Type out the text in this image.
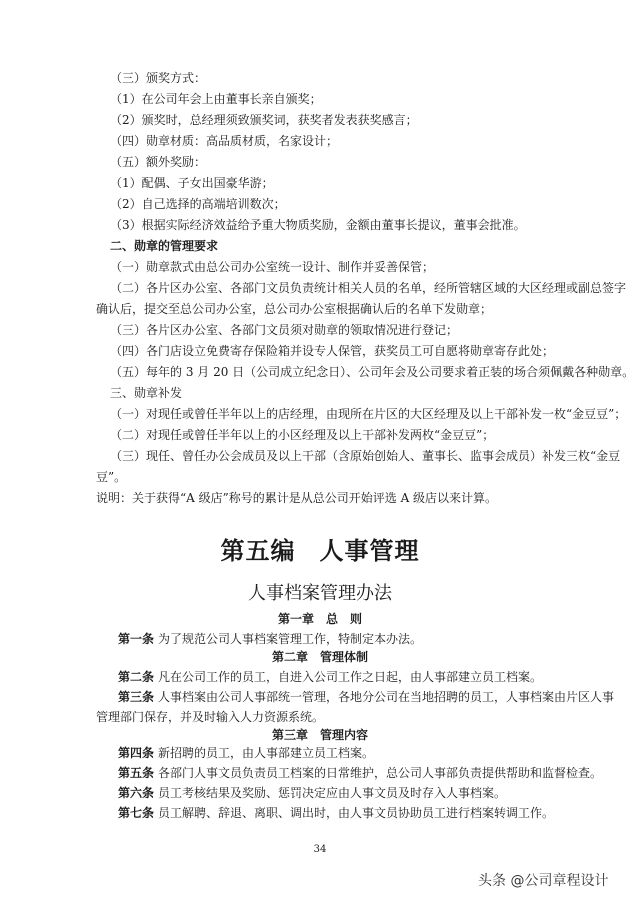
（三）颁奖方式：

（1）在公司年会上由董事长亲自颁奖；

（2）颁奖时，总经理须致颁奖词，获奖者发表获奖感言；

（四）勋章材质：高品质材质，名家设计；

（五）额外奖励：

（1）配偶、子女出国豪华游；

（2）自己选择的高端培训数次；

（3）根据实际经济效益给予重大物质奖励，金额由董事长提议，董事会批准。

二、勋章的管理要求

（一）勋章款式由总公司办公室统一设计、制作并妥善保管；

（二）各片区办公室、各部门文员负责统计相关人员的名单，经所管辖区域的大区经理或副总签字

确认后，提交至总公司办公室，总公司办公室根据确认后的名单下发勋章；

（三）各片区办公室、各部门文员须对勋章的领取情况进行登记；

（四）各门店设立免费寄存保险箱并设专人保管，获奖员工可自愿将勋章寄存此处；

（五）每年的 3 月 20 日（公司成立纪念日）、公司年会及公司要求着正装的场合须佩戴各种勋章。

三、勋章补发

（一）对现任或曾任半年以上的店经理，由现所在片区的大区经理及以上干部补发一枚“金豆豆”；

（二）对现任或曾任半年以上的小区经理及以上干部补发两枚“金豆豆”；

（三）现任、曾任办公会成员及以上干部（含原始创始人、董事长、监事会成员）补发三枚“金豆

豆”。

说明：关于获得“A 级店”称号的累计是从总公司开始评选 A 级店以来计算。

第五编 人事管理

人事档案管理办法

第一章　总　则

第一条 为了规范公司人事档案管理工作，特制定本办法。

第二章　管理体制

第二条 凡在公司工作的员工，自进入公司工作之日起，由人事部建立员工档案。

第三条 人事档案由公司人事部统一管理，各地分公司在当地招聘的员工，人事档案由片区人事

管理部门保存，并及时输入人力资源系统。

第三章　管理内容

第四条 新招聘的员工，由人事部建立员工档案。

第五条 各部门人事文员负责员工档案的日常维护，总公司人事部负责提供帮助和监督检查。

第六条 员工考核结果及奖励、惩罚决定应由人事文员及时存入人事档案。

第七条 员工解聘、辞退、离职、调出时，由人事文员协助员工进行档案转调工作。

34

头条 @公司章程设计
